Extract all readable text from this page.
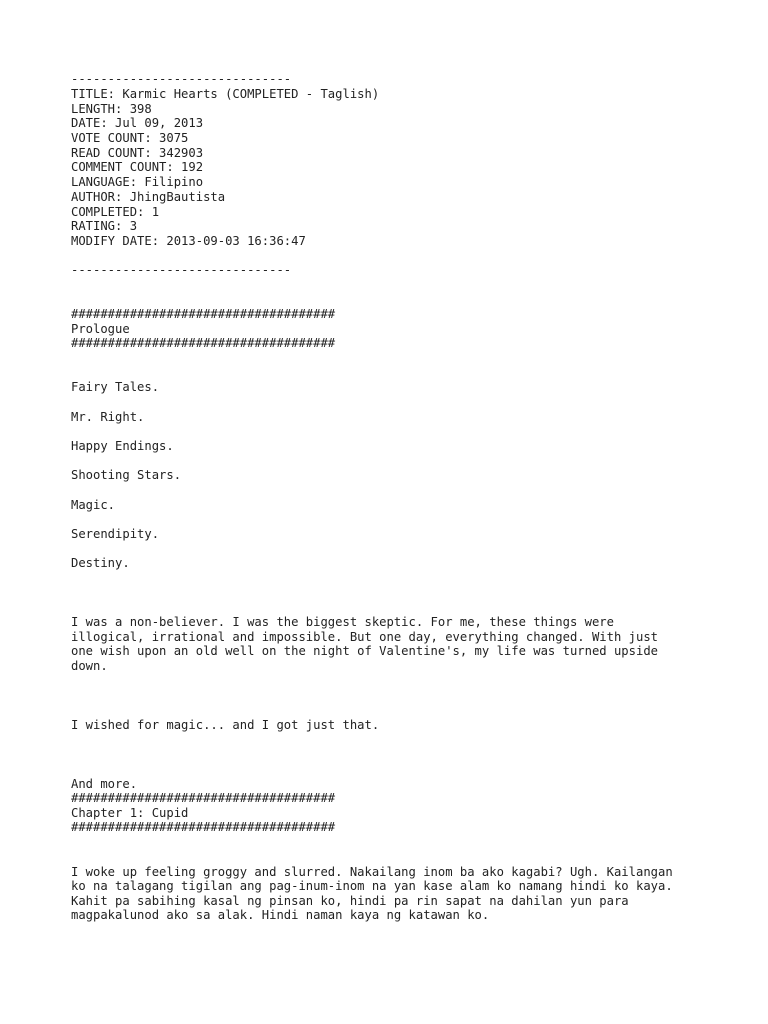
------------------------------

TITLE: Karmic Hearts (COMPLETED - Taglish)

LENGTH: 398

DATE: Jul 09, 2013

VOTE COUNT: 3075

READ COUNT: 342903

COMMENT COUNT: 192

LANGUAGE: Filipino

AUTHOR: JhingBautista

COMPLETED: 1

RATING: 3

MODIFY DATE: 2013-09-03 16:36:47

------------------------------

####################################

Prologue

####################################

Fairy Tales.

Mr. Right.

Happy Endings.

Shooting Stars.

Magic.

Serendipity.

Destiny.

I was a non-believer. I was the biggest skeptic. For me, these things were

illogical, irrational and impossible. But one day, everything changed. With just

one wish upon an old well on the night of Valentine's, my life was turned upside

down.

I wished for magic... and I got just that.

And more.

####################################

Chapter 1: Cupid

####################################

I woke up feeling groggy and slurred. Nakailang inom ba ako kagabi? Ugh. Kailangan

ko na talagang tigilan ang pag-inum-inom na yan kase alam ko namang hindi ko kaya.

Kahit pa sabihing kasal ng pinsan ko, hindi pa rin sapat na dahilan yun para

magpakalunod ako sa alak. Hindi naman kaya ng katawan ko.
